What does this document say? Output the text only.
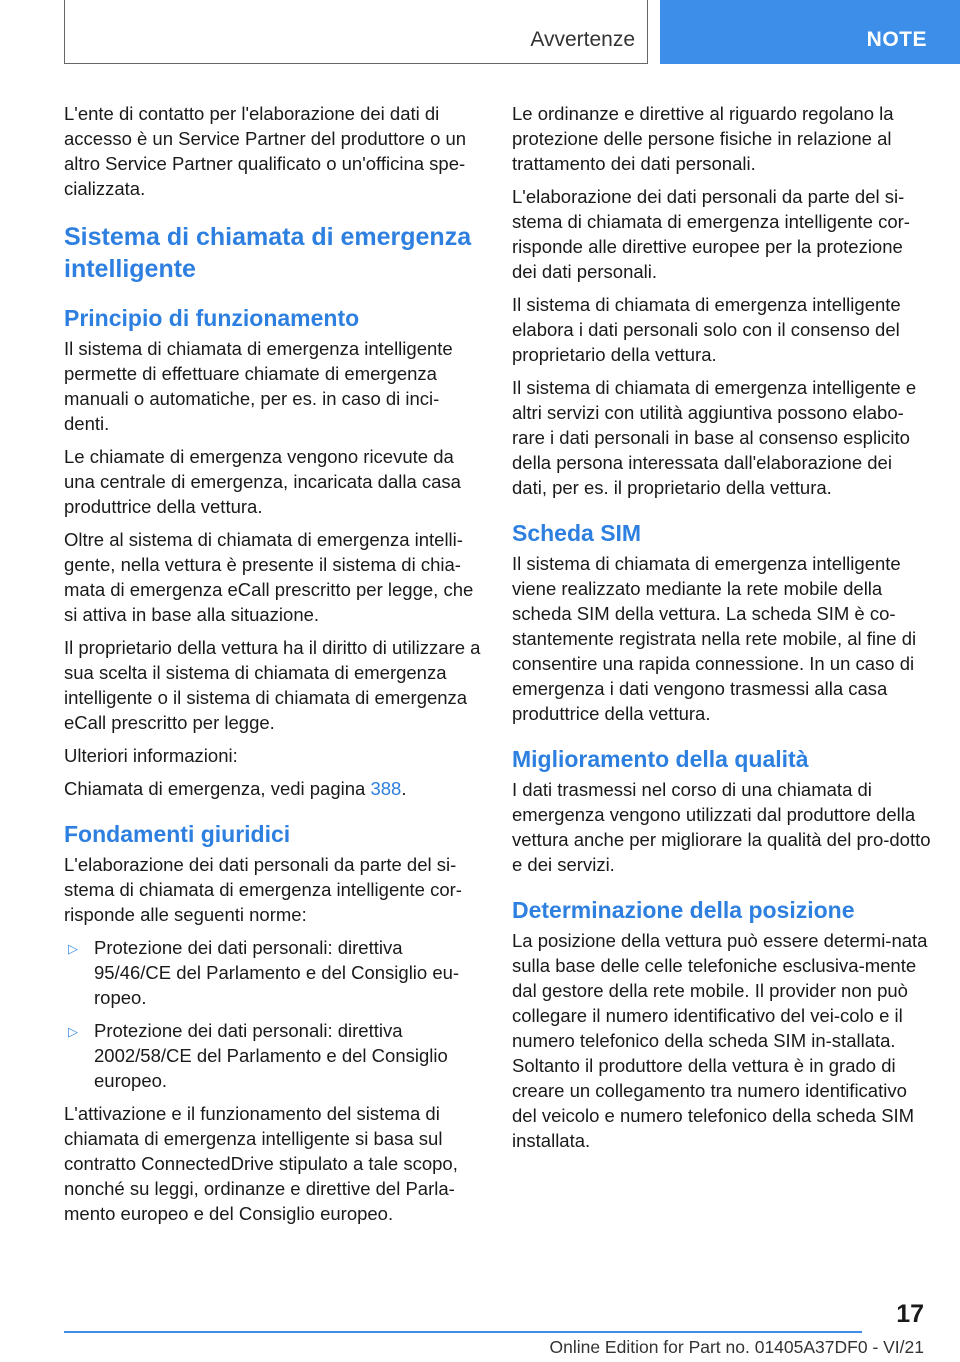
Avvertenze	NOTE

L'ente di contatto per l'elaborazione dei dati di accesso è un Service Partner del produttore o un altro Service Partner qualificato o un'officina spe-cializzata.

Sistema di chiamata di emergenza intelligente
Principio di funzionamento

Il sistema di chiamata di emergenza intelligente permette di effettuare chiamate di emergenza manuali o automatiche, per es. in caso di inci-denti.

Le chiamate di emergenza vengono ricevute da una centrale di emergenza, incaricata dalla casa produttrice della vettura.

Oltre al sistema di chiamata di emergenza intelli-gente, nella vettura è presente il sistema di chia-mata di emergenza eCall prescritto per legge, che si attiva in base alla situazione.

Il proprietario della vettura ha il diritto di utilizzare a sua scelta il sistema di chiamata di emergenza intelligente o il sistema di chiamata di emergenza eCall prescritto per legge.

Ulteriori informazioni:

Chiamata di emergenza, vedi pagina 388.

Fondamenti giuridici

L'elaborazione dei dati personali da parte del si-stema di chiamata di emergenza intelligente cor-risponde alle seguenti norme:

▷ Protezione dei dati personali: direttiva 95/46/CE del Parlamento e del Consiglio eu-ropeo.
▷ Protezione dei dati personali: direttiva 2002/58/CE del Parlamento e del Consiglio europeo.

L'attivazione e il funzionamento del sistema di chiamata di emergenza intelligente si basa sul contratto ConnectedDrive stipulato a tale scopo, nonché su leggi, ordinanze e direttive del Parla-mento europeo e del Consiglio europeo.

Le ordinanze e direttive al riguardo regolano la protezione delle persone fisiche in relazione al trattamento dei dati personali.

L'elaborazione dei dati personali da parte del si-stema di chiamata di emergenza intelligente cor-risponde alle direttive europee per la protezione dei dati personali.

Il sistema di chiamata di emergenza intelligente elabora i dati personali solo con il consenso del proprietario della vettura.

Il sistema di chiamata di emergenza intelligente e altri servizi con utilità aggiuntiva possono elabo-rare i dati personali in base al consenso esplicito della persona interessata dall'elaborazione dei dati, per es. il proprietario della vettura.

Scheda SIM

Il sistema di chiamata di emergenza intelligente viene realizzato mediante la rete mobile della scheda SIM della vettura. La scheda SIM è co-stantemente registrata nella rete mobile, al fine di consentire una rapida connessione. In un caso di emergenza i dati vengono trasmessi alla casa produttrice della vettura.

Miglioramento della qualità

I dati trasmessi nel corso di una chiamata di emergenza vengono utilizzati dal produttore della vettura anche per migliorare la qualità del pro-dotto e dei servizi.

Determinazione della posizione

La posizione della vettura può essere determi-nata sulla base delle celle telefoniche esclusiva-mente dal gestore della rete mobile. Il provider non può collegare il numero identificativo del vei-colo e il numero telefonico della scheda SIM in-stallata. Soltanto il produttore della vettura è in grado di creare un collegamento tra numero identificativo del veicolo e numero telefonico della scheda SIM installata.

17
Online Edition for Part no. 01405A37DF0 - VI/21
